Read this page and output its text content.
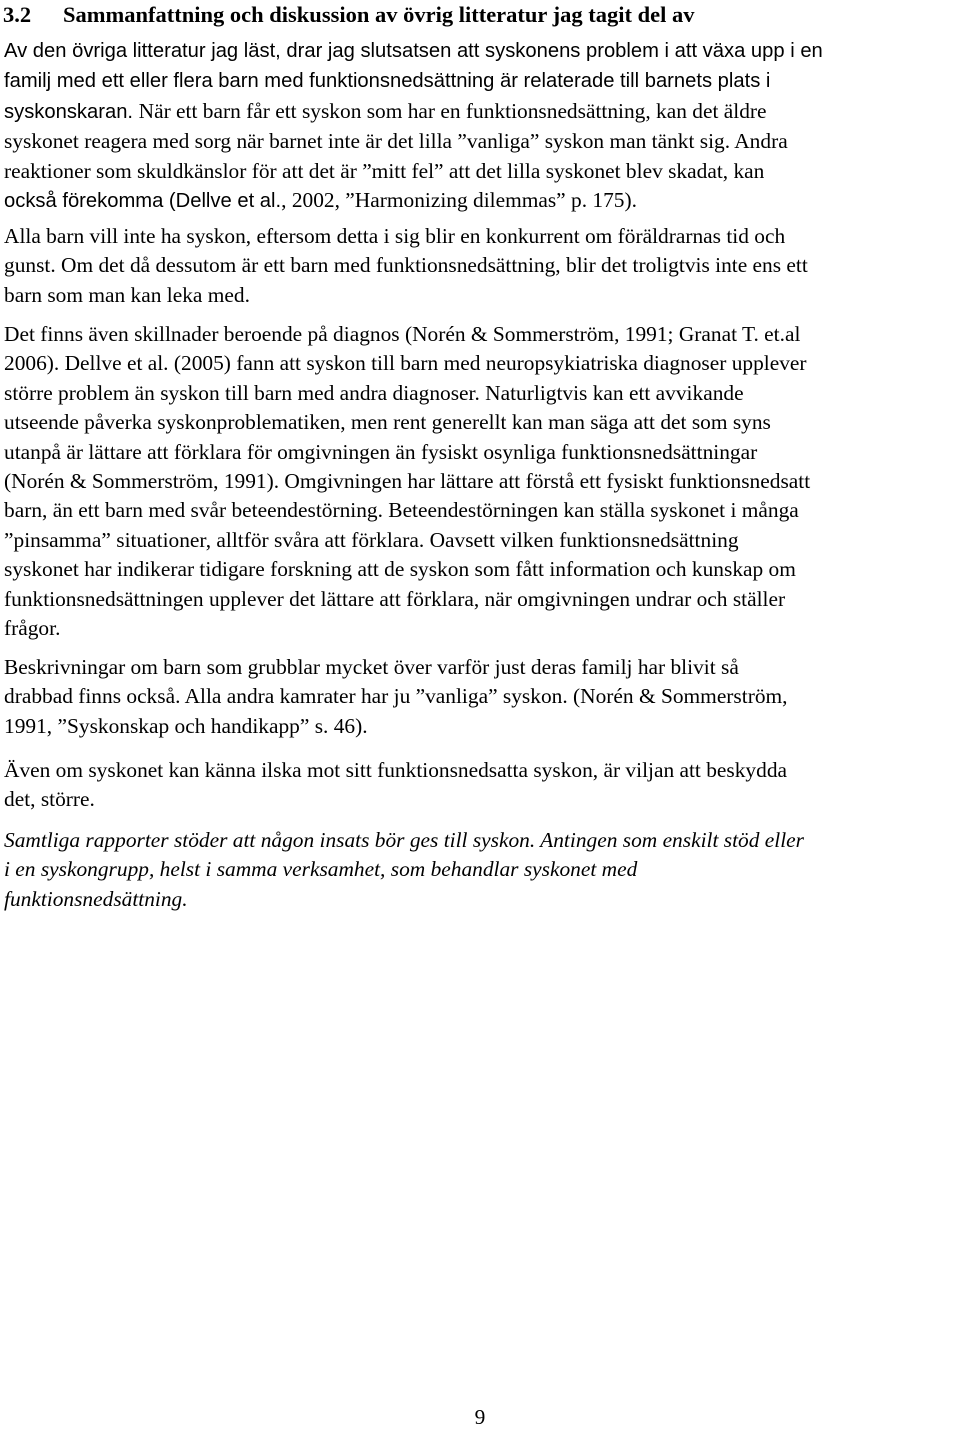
3.2 Sammanfattning och diskussion av övrig litteratur jag tagit del av
Av den övriga litteratur jag läst, drar jag slutsatsen att syskonens problem i att växa upp i en
familj med ett eller flera barn med funktionsnedsättning är relaterade till barnets plats i
syskonskaran. När ett barn får ett syskon som har en funktionsnedsättning, kan det äldre
syskonet reagera med sorg när barnet inte är det lilla ”vanliga” syskon man tänkt sig. Andra
reaktioner som skuldkänslor för att det är ”mitt fel” att det lilla syskonet blev skadat, kan
också förekomma (Dellve et al., 2002, ”Harmonizing dilemmas” p. 175).
Alla barn vill inte ha syskon, eftersom detta i sig blir en konkurrent om föräldrarnas tid och
gunst. Om det då dessutom är ett barn med funktionsnedsättning, blir det troligtvis inte ens ett
barn som man kan leka med.
Det finns även skillnader beroende på diagnos (Norén & Sommerström, 1991; Granat T. et.al
2006). Dellve et al. (2005) fann att syskon till barn med neuropsykiatriska diagnoser upplever
större problem än syskon till barn med andra diagnoser. Naturligtvis kan ett avvikande
utseende påverka syskonproblematiken, men rent generellt kan man säga att det som syns
utanpå är lättare att förklara för omgivningen än fysiskt osynliga funktionsnedsättningar
(Norén & Sommerström, 1991). Omgivningen har lättare att förstå ett fysiskt funktionsnedsatt
barn, än ett barn med svår beteendestörning. Beteendestörningen kan ställa syskonet i många
”pinsamma” situationer, alltför svåra att förklara. Oavsett vilken funktionsnedsättning
syskonet har indikerar tidigare forskning att de syskon som fått information och kunskap om
funktionsnedsättningen upplever det lättare att förklara, när omgivningen undrar och ställer
frågor.
Beskrivningar om barn som grubblar mycket över varför just deras familj har blivit så
drabbad finns också. Alla andra kamrater har ju ”vanliga” syskon. (Norén & Sommerström,
1991, ”Syskonskap och handikapp” s. 46).
Även om syskonet kan känna ilska mot sitt funktionsnedsatta syskon, är viljan att beskydda
det, större.
Samtliga rapporter stöder att någon insats bör ges till syskon. Antingen som enskilt stöd eller
i en syskongrupp, helst i samma verksamhet, som behandlar syskonet med
funktionsnedsättning.
9
